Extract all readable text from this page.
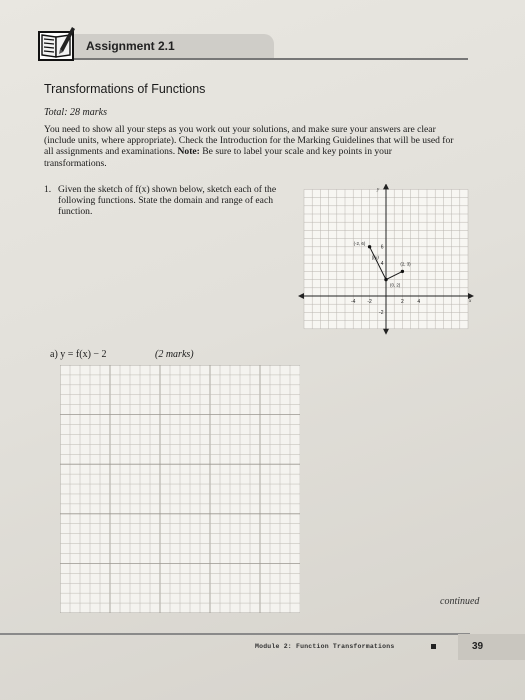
Assignment 2.1
Transformations of Functions
Total: 28 marks
You need to show all your steps as you work out your solutions, and make sure your answers are clear (include units, where appropriate). Check the Introduction for the Marking Guidelines that will be used for all assignments and examinations. Note: Be sure to label your scale and key points in your transformations.
1. Given the sketch of f(x) shown below, sketch each of the following functions. State the domain and range of each function.
y
x
-4 -2	2	4
6
4
-2
(-2, 6)
(0, 2)
(2, 3)
f(x)
a) y = f(x) − 2	(2 marks)
continued
Module 2: Function Transformations	39
